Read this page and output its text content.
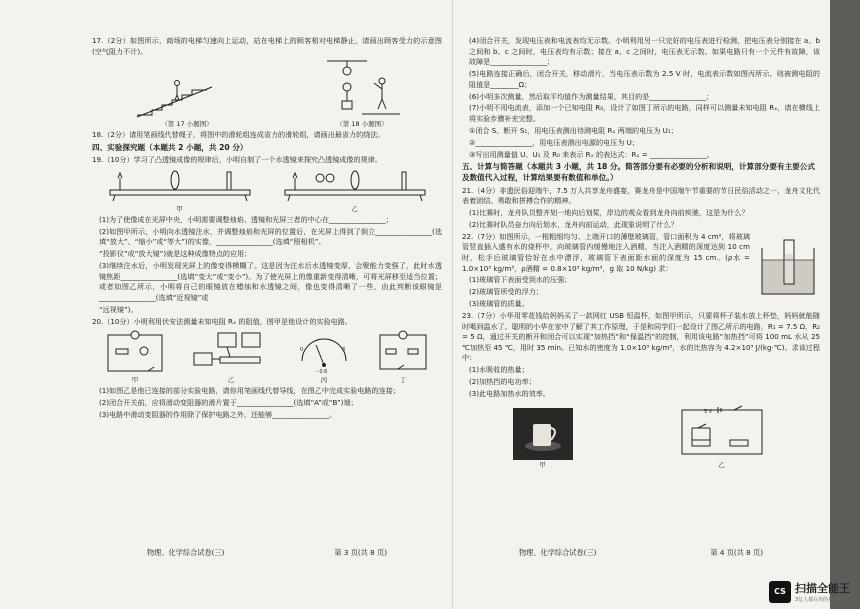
17.（2分）如图所示，商场的电梯匀速向上运动，站在电梯上的顾客相对电梯静止，请画出顾客受力的示意图(空气阻力不计)。
（第 17 小题图）	（第 18 小题图）
18.（2分）请用笔画线代替绳子，将图中的滑轮组连成省力的滑轮组，请画出最省力的绕法。
四、实验探究题（本题共 2 小题，共 20 分）
19.（10分）学习了凸透镜成像的规律后，小明自制了一个水透镜来探究凸透镜成像的规律。
甲	乙
(1)为了使像成在光屏中央，小明需要调整烛焰、透镜和光屏三者的中心在________________；
(2)如图甲所示，小明向水透镜注水，并调整烛焰和光屏的位置后，在光屏上得到了倒立________________(选填“放大”、“缩小”或“等大”)的实像，________________(选填“照相机”、
“投影仪”或“放大镜”)就是这种成像特点的应用；
(3)继续注水后，小明发现光屏上的像变得模糊了。这是因为注水后水透镜变厚，会聚能力变强了，此时水透镜焦距________________(选填“变大”或“变小”)。为了使光屏上的像重新变得清晰，可将光屏移至适当位置；或者如图乙所示，小明将自己的眼镜放在蜡烛和水透镜之间，像也变得清晰了一些，由此判断该眼镜是________________(选填“近视镜”或
“远视镜”)。
20.（10分）小明利用伏安法测量未知电阻 Rₓ 的阻值，图甲是他设计的实验电路。
甲	乙
0	3
- 0.6
丙	丁
(1)如图乙是他已连接的部分实验电路，请你用笔画线代替导线，在图乙中完成实验电路的连接；
(2)闭合开关前，应将滑动变阻器的滑片置于________________(选填“A”或“B”)端；
(3)电路中滑动变阻器的作用除了保护电路之外，还能够________________。
物理、化学综合试卷(三)	第 3 页(共 8 页)
(4)闭合开关，发现电压表和电流表均无示数。小明利用另一只完好的电压表进行检测，把电压表分别接在 a、b 之间和 b、c 之间时，电压表均有示数；接在 a、c 之间时，电压表无示数。如果电路只有一个元件有故障，该故障是________________；
(5)电路连接正确后，闭合开关，移动滑片，当电压表示数为 2.5 V 时，电流表示数如图丙所示，则被测电阻的阻值是________Ω；
(6)小明多次测量，然后取平均值作为测量结果，其目的是________________；
(7)小明不用电流表，添加一个已知电阻 R₀，设计了如图丁所示的电路，同样可以测量未知电阻 Rₓ，请在横线上将实验步骤补充完整。
①闭合 S、断开 S₁，用电压表测出待测电阻 Rₓ 两端的电压为 U₁；
②________________，用电压表测出电源的电压为 U；
③写出用测量值 U、U₁ 及 R₀ 来表示 Rₓ 的表达式：Rₓ = ________________。
五、计算与简答题（本题共 3 小题，共 18 分。简答部分要有必要的分析和说明，计算部分要有主要公式及数值代入过程，计算结果要有数值和单位。）
21.（4分）非遗民俗迎端午，7.5 万人共享龙舟盛宴，赛龙舟是中国端午节重要的节日民俗活动之一，龙舟文化代表着团结、勇敢和拼搏合作的精神。
(1)比赛时，龙舟队员整齐划一地向后划桨，岸边的观众看到龙舟向前疾驰，这是为什么？
(2)比赛时队员奋力向后划水，龙舟向前运动，此现象说明了什么？
22.（7分）如图所示，一根粗细均匀、上端开口的薄壁玻璃管，管口面积为 4 cm²，将玻璃管竖直插入盛有水的烧杯中，向玻璃管内缓慢地注入酒精，当注入酒精的深度达到 10 cm 时，松手后玻璃管恰好在水中漂浮，玻璃管下表面距水面的深度为 15 cm。(ρ水 = 1.0×10³ kg/m³，ρ酒精 = 0.8×10³ kg/m³，g 取 10 N/kg) 求：
(1)玻璃管下表面受到水的压强；
(2)玻璃管所受的浮力；
(3)玻璃管的质量。
23.（7分）小华用零花钱给妈妈买了一款网红 USB 恒温杯，如图甲所示，只要将杯子装水放上杯垫，妈妈就能随时喝到温水了。聪明的小华在家中了解了其工作原理，于是和同学们一起设计了图乙所示的电路，R₁ = 7.5 Ω，R₂ = 5 Ω，通过开关的断开和闭合可以实现“加热挡”和“保温挡”的控制，利用该电路“加热挡”可将 100 mL 水从 25 ℃加热至 45 ℃，用时 35 min。已知水的密度为 1.0×10³ kg/m³，水的比热容为 4.2×10³ J/(kg·℃)。求该过程中：
(1)水吸收的热量；
(2)加热挡的电功率；
(3)此电路加热水的效率。
甲
5 V
乙
物理、化学综合试卷(三)	第 4 页(共 8 页)
CS 扫描全能王
3亿人都在用的扫描App
